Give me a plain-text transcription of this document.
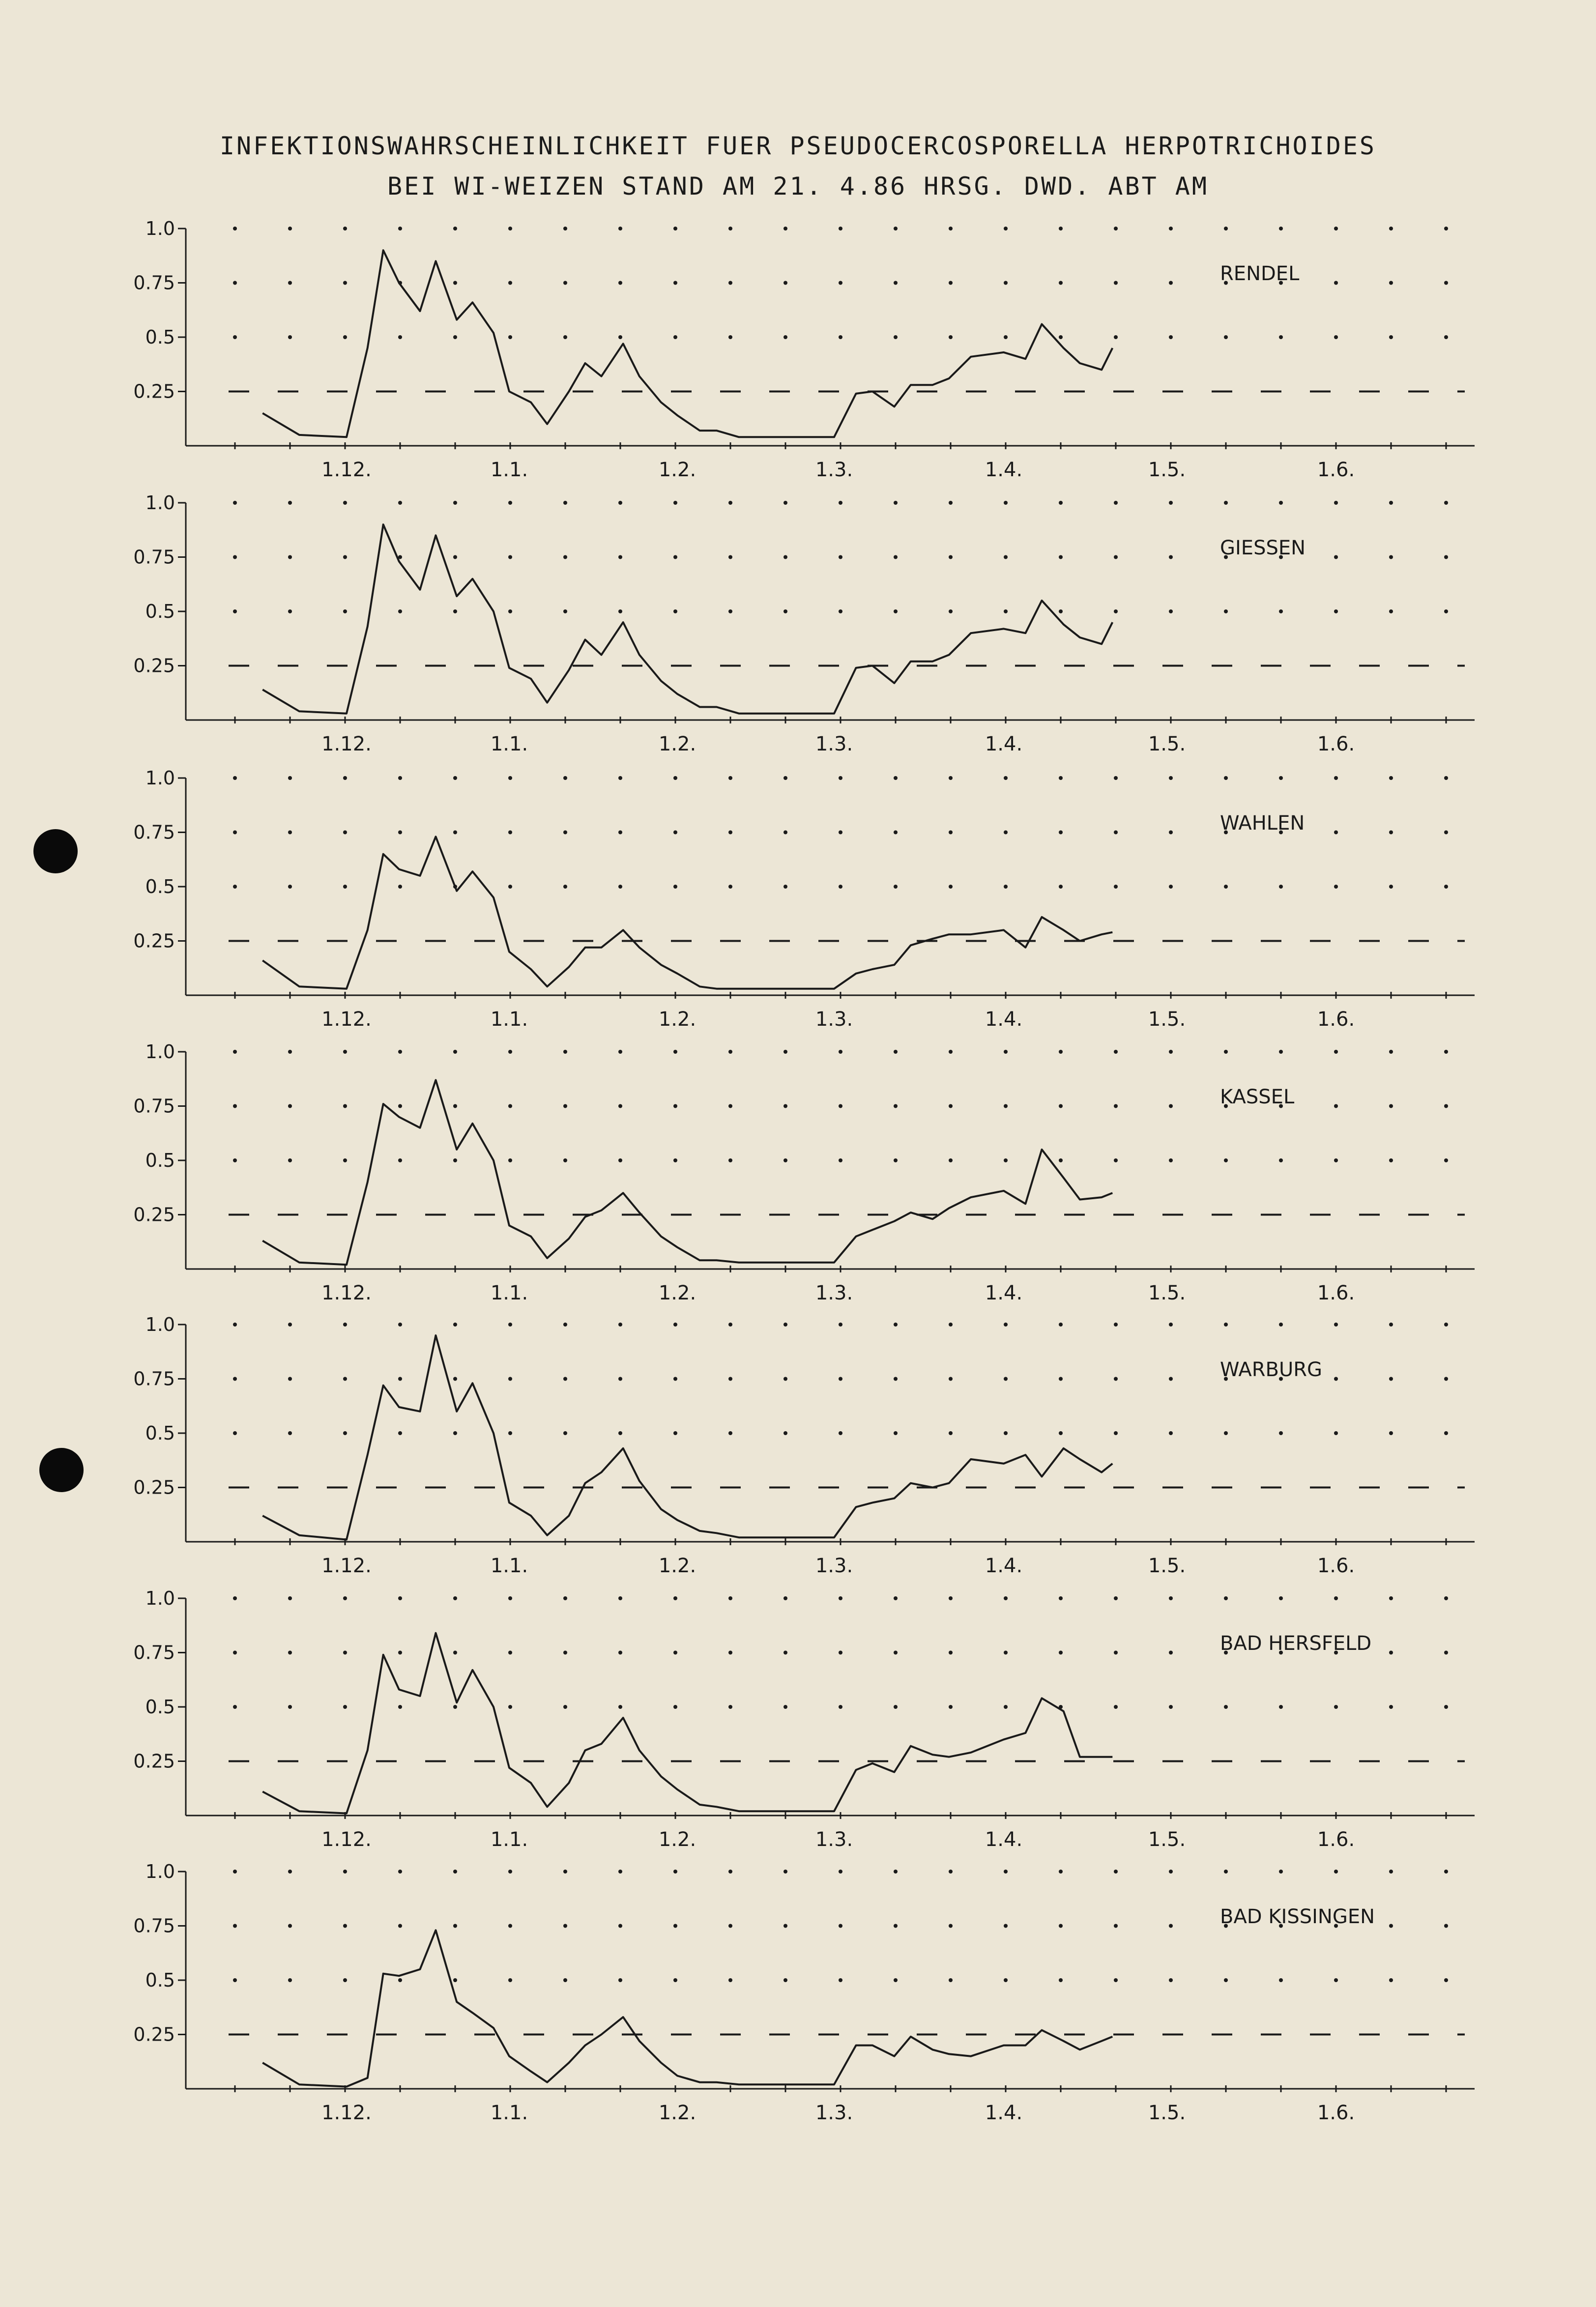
INFEKTIONSWAHRSCHEINLICHKEIT FUER PSEUDOCERCOSPORELLA HERPOTRICHOIDES
BEI WI-WEIZEN STAND AM 21. 4.86 HRSG. DWD. ABT AM
1.0
0.75
0.5
0.25
1.12.	1.1.	1.2.	1.3.	1.4.	1.5.	1.6.
RENDEL
1.0
0.75
0.5
0.25
1.12.	1.1.	1.2.	1.3.	1.4.	1.5.	1.6.
GIESSEN
1.0
0.75
0.5
0.25
1.12.	1.1.	1.2.	1.3.	1.4.	1.5.	1.6.
WAHLEN
1.0
0.75
0.5
0.25
1.12.	1.1.	1.2.	1.3.	1.4.	1.5.	1.6.
KASSEL
1.0
0.75
0.5
0.25
1.12.	1.1.	1.2.	1.3.	1.4.	1.5.	1.6.
WARBURG
1.0
0.75
0.5
0.25
1.12.	1.1.	1.2.	1.3.	1.4.	1.5.	1.6.
BAD HERSFELD
1.0
0.75
0.5
0.25
1.12.	1.1.	1.2.	1.3.	1.4.	1.5.	1.6.
BAD KISSINGEN
